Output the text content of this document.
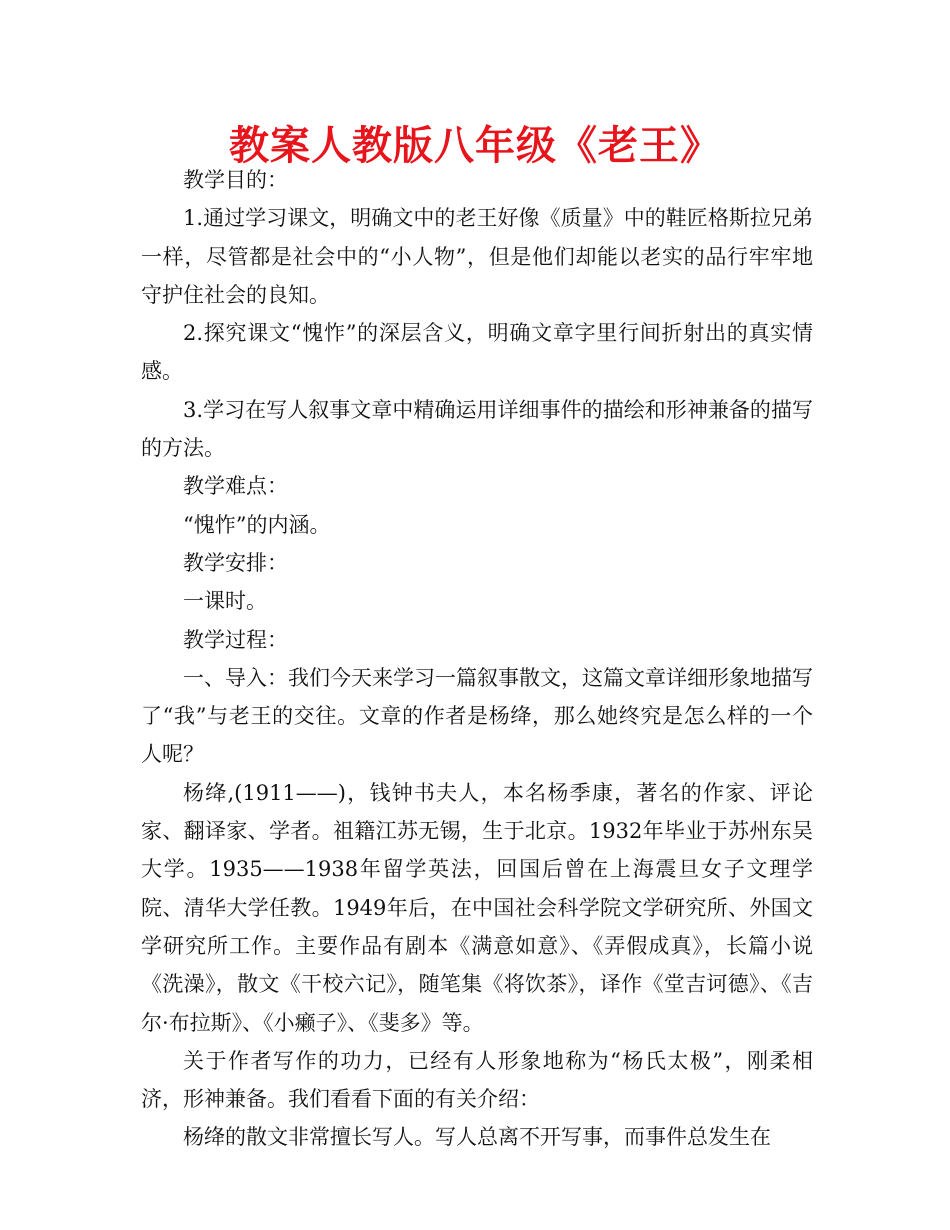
教案人教版八年级《老王》

教学目的：

1.通过学习课文，明确文中的老王好像《质量》中的鞋匠格斯拉兄弟一样，尽管都是社会中的“小人物”，但是他们却能以老实的品行牢牢地守护住社会的良知。

2.探究课文“愧怍”的深层含义，明确文章字里行间折射出的真实情感。

3.学习在写人叙事文章中精确运用详细事件的描绘和形神兼备的描写的方法。

教学难点：

“愧怍”的内涵。

教学安排：

一课时。

教学过程：

一、导入：我们今天来学习一篇叙事散文，这篇文章详细形象地描写了“我”与老王的交往。文章的作者是杨绛，那么她终究是怎么样的一个人呢？

杨绛,(1911——)，钱钟书夫人，本名杨季康，著名的作家、评论家、翻译家、学者。祖籍江苏无锡，生于北京。1932年毕业于苏州东吴大学。1935——1938年留学英法，回国后曾在上海震旦女子文理学院、清华大学任教。1949年后，在中国社会科学院文学研究所、外国文学研究所工作。主要作品有剧本《满意如意》、《弄假成真》，长篇小说《洗澡》，散文《干校六记》，随笔集《将饮茶》，译作《堂吉诃德》、《吉尔·布拉斯》、《小癞子》、《斐多》等。

关于作者写作的功力，已经有人形象地称为“杨氏太极”，刚柔相济，形神兼备。我们看看下面的有关介绍：

杨绛的散文非常擅长写人。写人总离不开写事，而事件总发生在
